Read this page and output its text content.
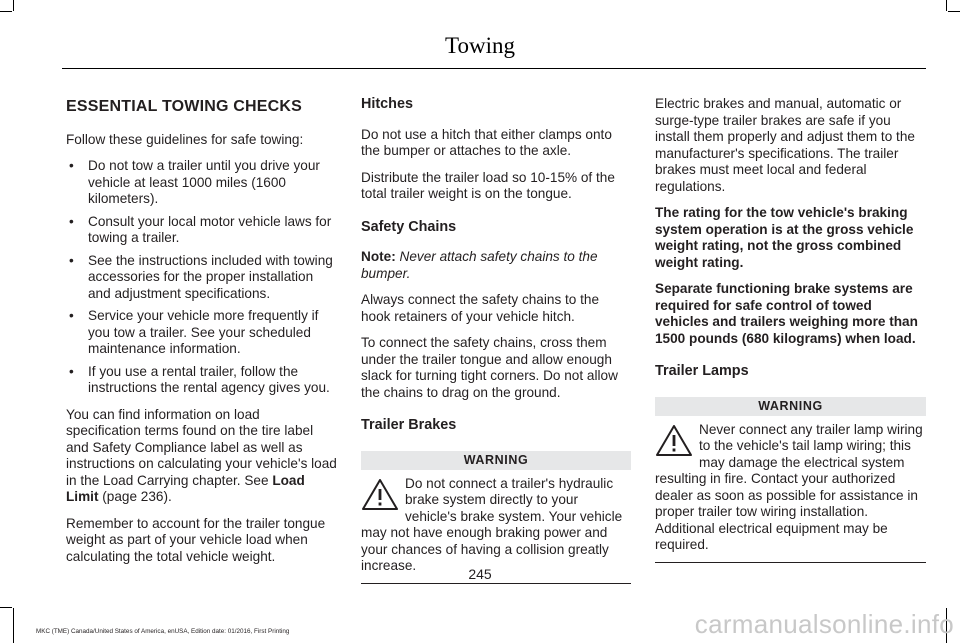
Towing
ESSENTIAL TOWING CHECKS

Follow these guidelines for safe towing:

• Do not tow a trailer until you drive your vehicle at least 1000 miles (1600 kilometers).
• Consult your local motor vehicle laws for towing a trailer.
• See the instructions included with towing accessories for the proper installation and adjustment specifications.
• Service your vehicle more frequently if you tow a trailer. See your scheduled maintenance information.
• If you use a rental trailer, follow the instructions the rental agency gives you.

You can find information on load specification terms found on the tire label and Safety Compliance label as well as instructions on calculating your vehicle's load in the Load Carrying chapter. See Load Limit (page 236).

Remember to account for the trailer tongue weight as part of your vehicle load when calculating the total vehicle weight.

Hitches

Do not use a hitch that either clamps onto the bumper or attaches to the axle.

Distribute the trailer load so 10-15% of the total trailer weight is on the tongue.

Safety Chains

Note: Never attach safety chains to the bumper.

Always connect the safety chains to the hook retainers of your vehicle hitch.

To connect the safety chains, cross them under the trailer tongue and allow enough slack for turning tight corners. Do not allow the chains to drag on the ground.

Trailer Brakes
WARNING
Do not connect a trailer's hydraulic brake system directly to your vehicle's brake system. Your vehicle may not have enough braking power and your chances of having a collision greatly increase.

Electric brakes and manual, automatic or surge-type trailer brakes are safe if you install them properly and adjust them to the manufacturer's specifications. The trailer brakes must meet local and federal regulations.

The rating for the tow vehicle's braking system operation is at the gross vehicle weight rating, not the gross combined weight rating.

Separate functioning brake systems are required for safe control of towed vehicles and trailers weighing more than 1500 pounds (680 kilograms) when load.

Trailer Lamps
WARNING
Never connect any trailer lamp wiring to the vehicle's tail lamp wiring; this may damage the electrical system resulting in fire. Contact your authorized dealer as soon as possible for assistance in proper trailer tow wiring installation. Additional electrical equipment may be required.
245
MKC (TME) Canada/United States of America, enUSA, Edition date: 01/2016, First Printing	carmanualsonline.info
